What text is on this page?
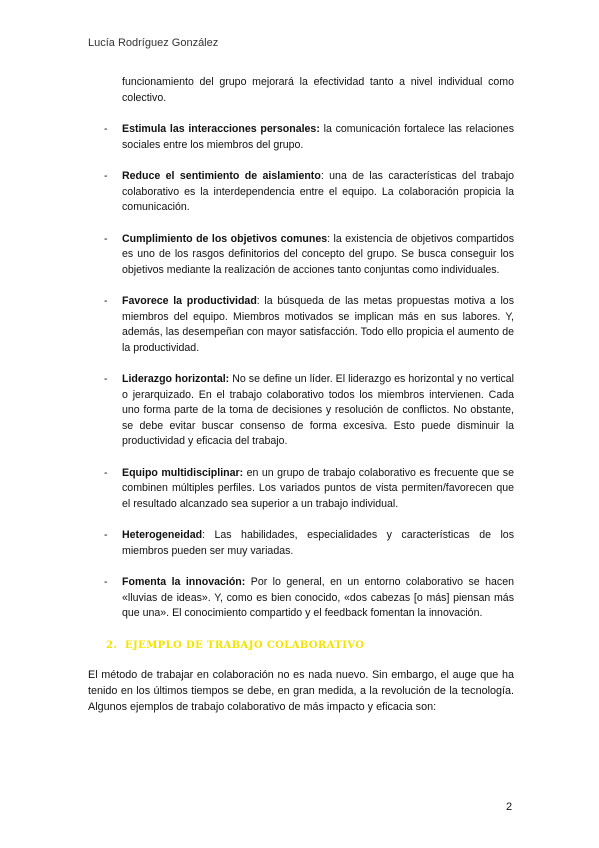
Lucía Rodríguez González

funcionamiento del grupo mejorará la efectividad tanto a nivel individual como colectivo.

- Estimula las interacciones personales: la comunicación fortalece las relaciones sociales entre los miembros del grupo.
- Reduce el sentimiento de aislamiento: una de las características del trabajo colaborativo es la interdependencia entre el equipo. La colaboración propicia la comunicación.
- Cumplimiento de los objetivos comunes: la existencia de objetivos compartidos es uno de los rasgos definitorios del concepto del grupo. Se busca conseguir los objetivos mediante la realización de acciones tanto conjuntas como individuales.
- Favorece la productividad: la búsqueda de las metas propuestas motiva a los miembros del equipo. Miembros motivados se implican más en sus labores. Y, además, las desempeñan con mayor satisfacción. Todo ello propicia el aumento de la productividad.
- Liderazgo horizontal: No se define un líder. El liderazgo es horizontal y no vertical o jerarquizado. En el trabajo colaborativo todos los miembros intervienen. Cada uno forma parte de la toma de decisiones y resolución de conflictos. No obstante, se debe evitar buscar consenso de forma excesiva. Esto puede disminuir la productividad y eficacia del trabajo.
- Equipo multidisciplinar: en un grupo de trabajo colaborativo es frecuente que se combinen múltiples perfiles. Los variados puntos de vista permiten/favorecen que el resultado alcanzado sea superior a un trabajo individual.
- Heterogeneidad: Las habilidades, especialidades y características de los miembros pueden ser muy variadas.
- Fomenta la innovación: Por lo general, en un entorno colaborativo se hacen «lluvias de ideas». Y, como es bien conocido, «dos cabezas [o más] piensan más que una». El conocimiento compartido y el feedback fomentan la innovación.
2. EJEMPLO DE TRABAJO COLABORATIVO

El método de trabajar en colaboración no es nada nuevo. Sin embargo, el auge que ha tenido en los últimos tiempos se debe, en gran medida, a la revolución de la tecnología. Algunos ejemplos de trabajo colaborativo de más impacto y eficacia son:

2
